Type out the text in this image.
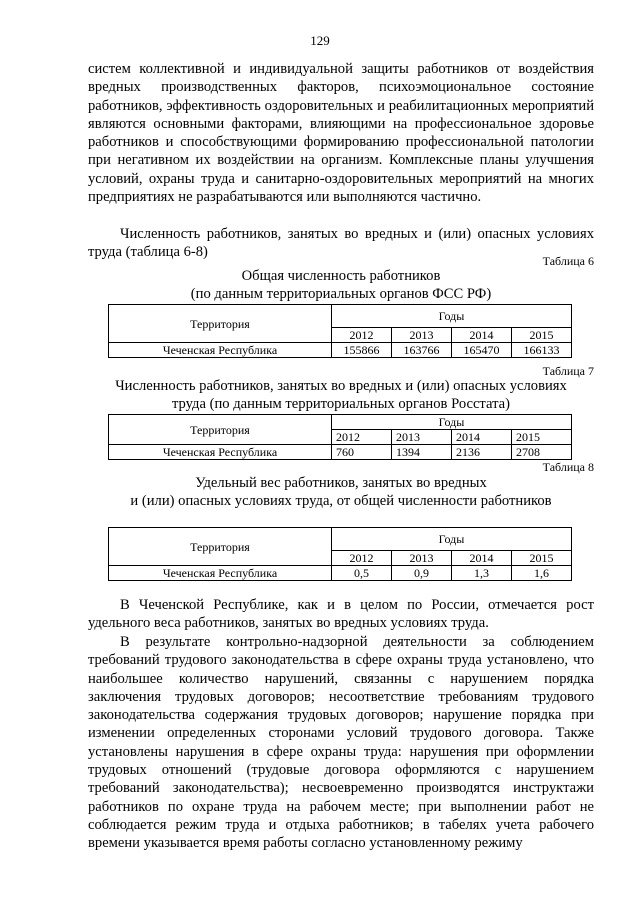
129

систем коллективной и индивидуальной защиты работников от воздействия вредных производственных факторов, психоэмоциональное состояние работников, эффективность оздоровительных и реабилитационных мероприятий являются основными факторами, влияющими на профессиональное здоровье работников и способствующими формированию профессиональной патологии при негативном их воздействии на организм. Комплексные планы улучшения условий, охраны труда и санитарно-оздоровительных мероприятий на многих предприятиях не разрабатываются или выполняются частично.

Численность работников, занятых во вредных и (или) опасных условиях труда (таблица 6-8)

Таблица 6
Общая численность работников
(по данным территориальных органов ФСС РФ)
Территория	Годы			
	2012	2013	2014	2015
Чеченская Республика	155866	163766	165470	166133
Таблица 7
Численность работников, занятых во вредных и (или) опасных условиях
труда (по данным территориальных органов Росстата)
Территория	Годы			
	2012	2013	2014	2015
Чеченская Республика	760	1394	2136	2708
Таблица 8
Удельный вес работников, занятых во вредных
и (или) опасных условиях труда, от общей численности работников
Территория	Годы			
	2012	2013	2014	2015
Чеченская Республика	0,5	0,9	1,3	1,6

В Чеченской Республике, как и в целом по России, отмечается рост удельного веса работников, занятых во вредных условиях труда.

В результате контрольно-надзорной деятельности за соблюдением требований трудового законодательства в сфере охраны труда установлено, что наибольшее количество нарушений, связанны с нарушением порядка заключения трудовых договоров; несоответствие требованиям трудового законодательства содержания трудовых договоров; нарушение порядка при изменении определенных сторонами условий трудового договора. Также установлены нарушения в сфере охраны труда: нарушения при оформлении трудовых отношений (трудовые договора оформляются с нарушением требований законодательства); несвоевременно производятся инструктажи работников по охране труда на рабочем месте; при выполнении работ не соблюдается режим труда и отдыха работников; в табелях учета рабочего времени указывается время работы согласно установленному режиму
